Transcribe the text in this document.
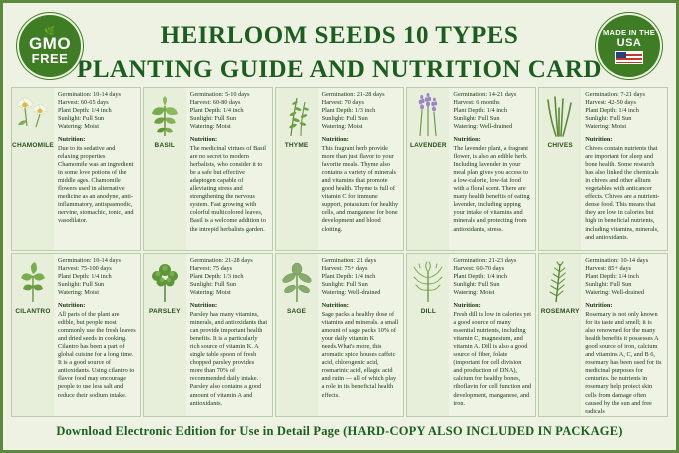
🌿
GMO
FREE
HEIRLOOM SEEDS 10 TYPES
PLANTING GUIDE AND NUTRITION CARD
MADE IN THE
USA
CHAMOMILE
Germination: 10-14 days
Harvest: 60-65 days
Plant Depth: 1/4 inch
Sunlight: Full Sun
Watering: Moist
Nutrition:
Due to its sedative and relaxing properties Chamomile was an ingredient in some love potions of the middle ages. Chamomile flowers used in alternative medicine as an anodyne, anti-inflammatory, antispasmodic, nervine, stomachic, tonic, and vasodilator.
BASIL
Germination: 5-10 days
Harvest: 60-80 days
Plant Depth: 1/4 inch
Sunlight: Full Sun
Watering: Moist
Nutrition:
The medicinal virtues of Basil are no secret to modern herbalists, who consider it to be a safe but effective adaptogen capable of alleviating stress and strengthening the nervous system. Fast growing with colorful multicolored leaves, Basil is a welcome addition to the intrepid herbalists garden.
THYME
Germination: 21-28 days
Harvest: 70 days
Plant Depth: 1/3 inch
Sunlight: Full Sun
Watering: Moist
Nutrition:
This fragrant herb provide more than just flavor to your favorite meals. Thyme also contains a variety of minerals and vitamins that promote good health. Thyme is full of vitamin C for immune support, potassium for healthy cells, and manganese for bone development and blood clotting.
LAVENDER
Germination: 14-21 days
Harvest: 6 months
Plant Depth: 1/4 inch
Sunlight: Full Sun
Watering: Well-drained
Nutrition:
The lavender plant, a fragrant flower, is also an edible herb. Including lavender in your meal plan gives you access to a low-calorie, low-fat food with a floral scent. There are many health benefits of eating lavender, including upping your intake of vitamins and minerals and protecting from antioxidants, stress.
CHIVES
Germination: 7-21 days
Harvest: 42-50 days
Plant Depth: 1/4 inch
Sunlight: Full Sun
Watering: Moist
Nutrition:
Chives contain nutrients that are important for sleep and bone health. Some research has also linked the chemicals in chives and other allium vegetables with anticancer effects. Chives are a nutrient-dense food. This means that they are low in calories but high in beneficial nutrients, including vitamins, minerals, and antioxidants.
CILANTRO
Germination: 10-14 days
Harvest: 75-100 days
Plant Depth: 1/4 inch
Sunlight: Full Sun
Watering: Moist
Nutrition:
All parts of the plant are edible, but people most commonly use the fresh leaves and dried seeds in cooking. Cilantro has been a part of global cuisine for a long time. It is a good source of antioxidants. Using cilantro to flavor food may encourage people to use less salt and reduce their sodium intake.
PARSLEY
Germination: 21-28 days
Harvest: 75 days
Plant Depth: 1/3 inch
Sunlight: Full Sun
Watering: Moist
Nutrition:
Parsley has many vitamins, minerals, and antioxidants that can provide important health benefits. It is a particularly rich source of vitamin K. A single table spoon of fresh chopped parsley provides more than 70% of recommended daily intake. Parsley also contains a good amount of vitamin A and antioxidants.
SAGE
Germination: 21 days
Harvest: 75+ days
Plant Depth: 1/4 inch
Sunlight: Full Sun
Watering: Well-drained
Nutrition:
Sage packs a healthy dose of vitamins and minerals. a small amount of sage packs 10% of your daily vitamin K needs.What's more, this aromatic spice houses caffeic acid, chlorogenic acid, rosmarinic acid, ellagic acid and rutin — all of which play a role in its beneficial health effects.
DILL
Germination: 21-23 days
Harvest: 60-70 days
Plant Depth: 1/4 inch
Sunlight: Full Sun
Watering: Moist
Nutrition:
Fresh dill is low in calories yet a good source of many essential nutrients, including vitamin C, magnesium, and vitamin A. Dill is also a good source of fiber, folate (important for cell division and production of DNA), calcium for healthy bones, riboflavin for cell function and development, manganese, and iron.
ROSEMARY
Germination: 10-14 days
Harvest: 85+ days
Plant Depth: 1/4 inch
Sunlight: Full Sun
Watering: Well-drained
Nutrition:
Rosemary is not only known for its taste and smell; it is also renowned for the many health benefits it possesses A good source of iron, calcium and vitamins A, C, and B 6, rosemary has been used for its medicinal purposes for centuries. he nutrients in rosemary help protect skin cells from damage often caused by the sun and free radicals
Download Electronic Edition for Use in Detail Page (HARD-COPY ALSO INCLUDED IN PACKAGE)
